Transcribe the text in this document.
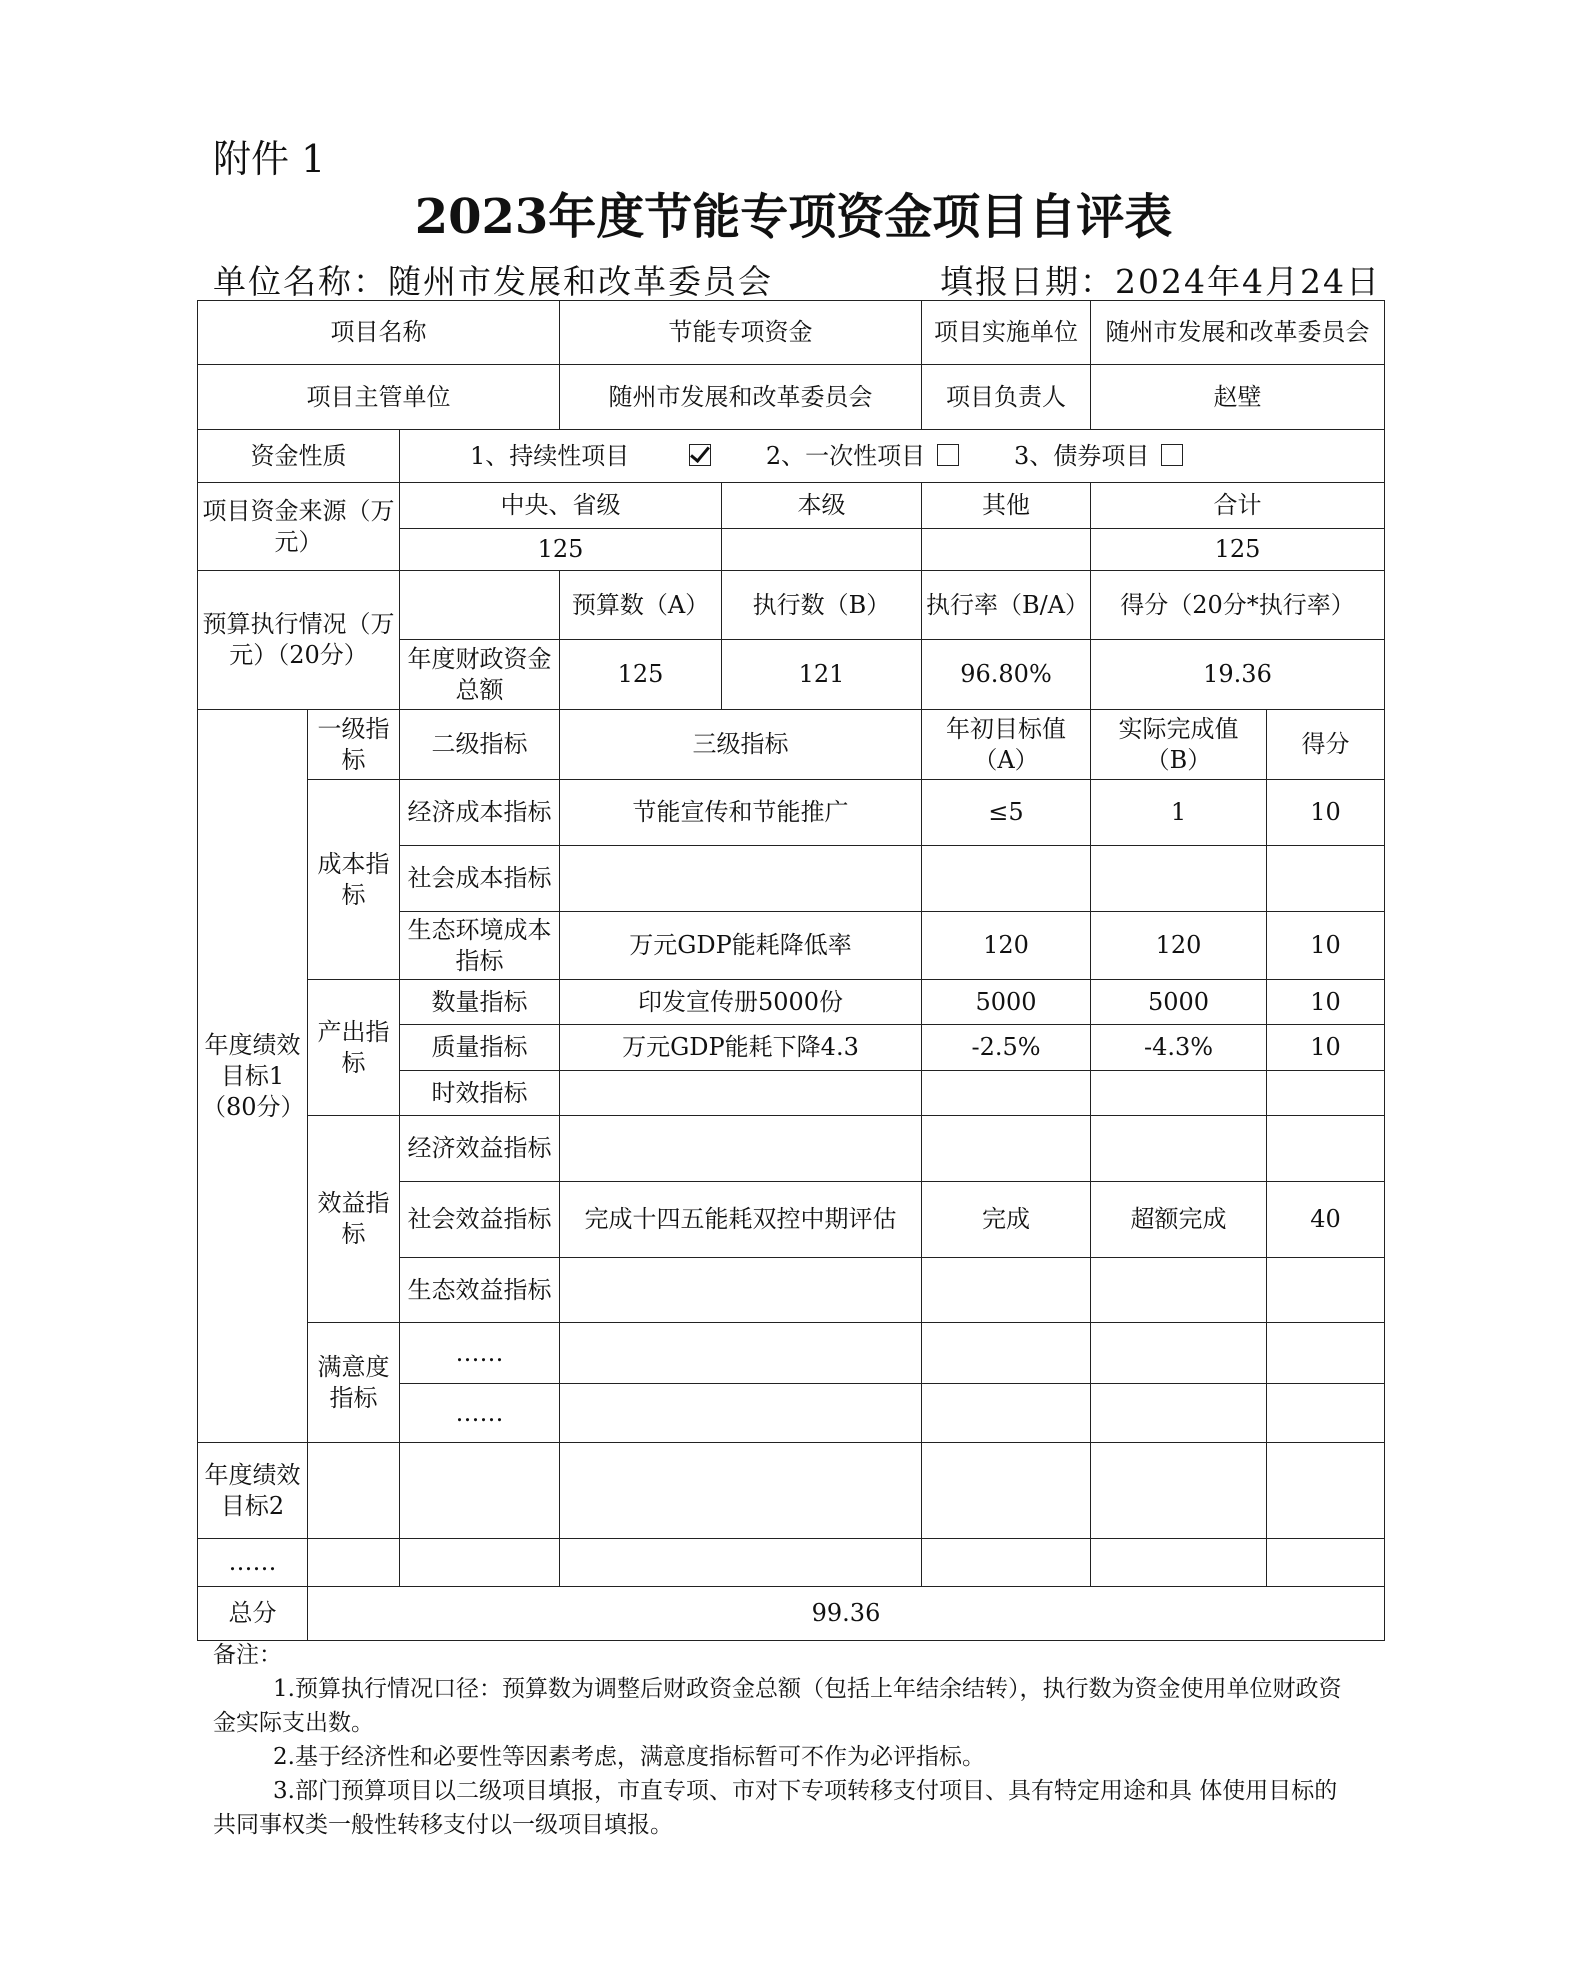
附件 1
2023年度节能专项资金项目自评表
单位名称：随州市发展和改革委员会	填报日期：2024年4月24日
项目名称			节能专项资金		项目实施单位	随州市发展和改革委员会	
项目主管单位			随州市发展和改革委员会		项目负责人	赵壁	
资金性质		1、持续性项目 2、一次性项目 3、债券项目					
项目资金来源（万元）		中央、省级		本级	其他	合计	
		125				125	
预算执行情况（万元）（20分）			预算数（A）	执行数（B）	执行率（B/A）	得分（20分*执行率）	
		年度财政资金总额	125	121	96.80%	19.36	
年度绩效目标1（80分）	一级指标	二级指标	三级指标		年初目标值（A）	实际完成值（B）	得分
	成本指标	经济成本指标	节能宣传和节能推广		≤5	1	10
		社会成本指标					
		生态环境成本指标	万元GDP能耗降低率		120	120	10
	产出指标	数量指标	印发宣传册5000份		5000	5000	10
		质量指标	万元GDP能耗下降4.3		-2.5%	-4.3%	10
		时效指标					
	效益指标	经济效益指标					
		社会效益指标	完成十四五能耗双控中期评估		完成	超额完成	40
		生态效益指标					
	满意度指标	……					
		……					
年度绩效目标2							
……							
总分	99.36						

备注：

1.预算执行情况口径：预算数为调整后财政资金总额（包括上年结余结转），执行数为资金使用单位财政资金实际支出数。

2.基于经济性和必要性等因素考虑，满意度指标暂可不作为必评指标。

3.部门预算项目以二级项目填报，市直专项、市对下专项转移支付项目、具有特定用途和具 体使用目标的共同事权类一般性转移支付以一级项目填报。
